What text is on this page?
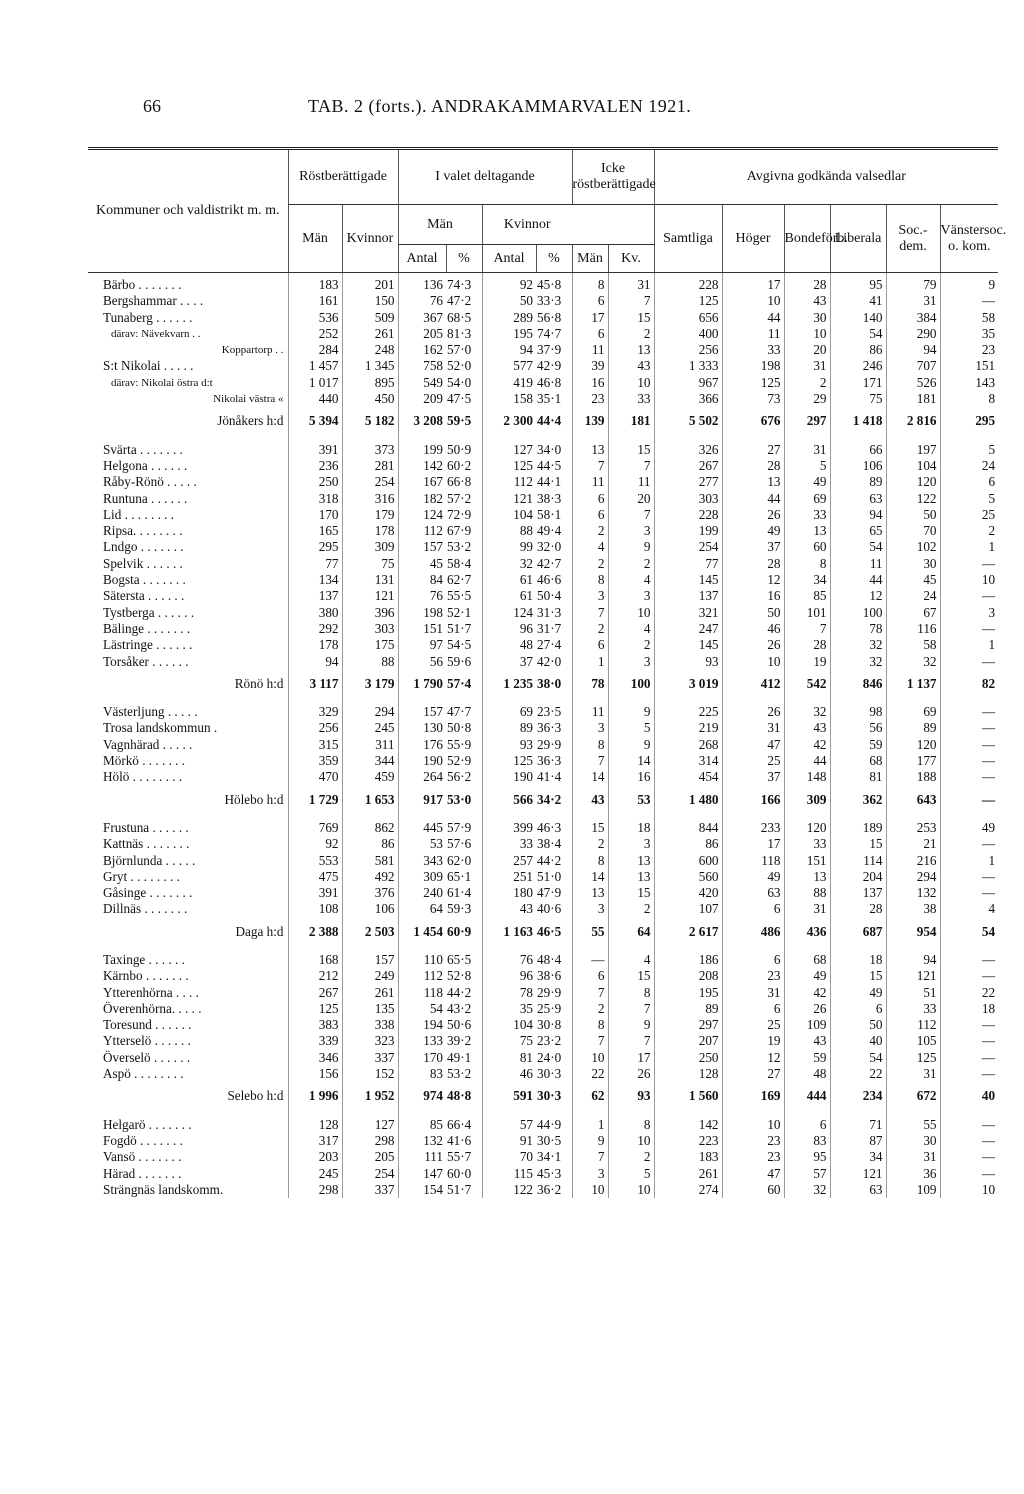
66	TAB. 2 (forts.). ANDRAKAMMARVALEN 1921.
Kommuner och valdistrikt m. m.	Röstberättigade		I valet deltagande				Icke röstberättigade		Avgivna godkända valsedlar					
	Män	Kvinnor	Män		Kvinnor				Samtliga	Höger	Bondeförb.	Liberala	Soc.-dem.	Vänstersoc. o. kom.
			Antal	%	Antal	%	Män	Kv.						
Bärbo . . . . . . .	183	201	136	74·3	92	45·8	8	31	228	17	28	95	79	9
Bergshammar . . . .	161	150	76	47·2	50	33·3	6	7	125	10	43	41	31	—
Tunaberg . . . . . .	536	509	367	68·5	289	56·8	17	15	656	44	30	140	384	58
därav: Nävekvarn . .	252	261	205	81·3	195	74·7	6	2	400	11	10	54	290	35
Koppartorp . .	284	248	162	57·0	94	37·9	11	13	256	33	20	86	94	23
S:t Nikolai . . . . .	1 457	1 345	758	52·0	577	42·9	39	43	1 333	198	31	246	707	151
därav: Nikolai östra d:t	1 017	895	549	54·0	419	46·8	16	10	967	125	2	171	526	143
Nikolai västra «	440	450	209	47·5	158	35·1	23	33	366	73	29	75	181	8
Jönåkers h:d	5 394	5 182	3 208	59·5	2 300	44·4	139	181	5 502	676	297	1 418	2 816	295
Svärta . . . . . . .	391	373	199	50·9	127	34·0	13	15	326	27	31	66	197	5
Helgona . . . . . .	236	281	142	60·2	125	44·5	7	7	267	28	5	106	104	24
Råby-Rönö . . . . .	250	254	167	66·8	112	44·1	11	11	277	13	49	89	120	6
Runtuna . . . . . .	318	316	182	57·2	121	38·3	6	20	303	44	69	63	122	5
Lid . . . . . . . .	170	179	124	72·9	104	58·1	6	7	228	26	33	94	50	25
Ripsa. . . . . . . .	165	178	112	67·9	88	49·4	2	3	199	49	13	65	70	2
Lndgo . . . . . . .	295	309	157	53·2	99	32·0	4	9	254	37	60	54	102	1
Spelvik . . . . . .	77	75	45	58·4	32	42·7	2	2	77	28	8	11	30	—
Bogsta . . . . . . .	134	131	84	62·7	61	46·6	8	4	145	12	34	44	45	10
Sätersta . . . . . .	137	121	76	55·5	61	50·4	3	3	137	16	85	12	24	—
Tystberga . . . . . .	380	396	198	52·1	124	31·3	7	10	321	50	101	100	67	3
Bälinge . . . . . . .	292	303	151	51·7	96	31·7	2	4	247	46	7	78	116	—
Lästringe . . . . . .	178	175	97	54·5	48	27·4	6	2	145	26	28	32	58	1
Torsåker . . . . . .	94	88	56	59·6	37	42·0	1	3	93	10	19	32	32	—
Rönö h:d	3 117	3 179	1 790	57·4	1 235	38·0	78	100	3 019	412	542	846	1 137	82
Västerljung . . . . .	329	294	157	47·7	69	23·5	11	9	225	26	32	98	69	—
Trosa landskommun .	256	245	130	50·8	89	36·3	3	5	219	31	43	56	89	—
Vagnhärad . . . . .	315	311	176	55·9	93	29·9	8	9	268	47	42	59	120	—
Mörkö . . . . . . .	359	344	190	52·9	125	36·3	7	14	314	25	44	68	177	—
Hölö . . . . . . . .	470	459	264	56·2	190	41·4	14	16	454	37	148	81	188	—
Hölebo h:d	1 729	1 653	917	53·0	566	34·2	43	53	1 480	166	309	362	643	—
Frustuna . . . . . .	769	862	445	57·9	399	46·3	15	18	844	233	120	189	253	49
Kattnäs . . . . . . .	92	86	53	57·6	33	38·4	2	3	86	17	33	15	21	—
Björnlunda . . . . .	553	581	343	62·0	257	44·2	8	13	600	118	151	114	216	1
Gryt . . . . . . . .	475	492	309	65·1	251	51·0	14	13	560	49	13	204	294	—
Gåsinge . . . . . . .	391	376	240	61·4	180	47·9	13	15	420	63	88	137	132	—
Dillnäs . . . . . . .	108	106	64	59·3	43	40·6	3	2	107	6	31	28	38	4
Daga h:d	2 388	2 503	1 454	60·9	1 163	46·5	55	64	2 617	486	436	687	954	54
Taxinge . . . . . .	168	157	110	65·5	76	48·4	—	4	186	6	68	18	94	—
Kärnbo . . . . . . .	212	249	112	52·8	96	38·6	6	15	208	23	49	15	121	—
Ytterenhörna . . . .	267	261	118	44·2	78	29·9	7	8	195	31	42	49	51	22
Överenhörna. . . . .	125	135	54	43·2	35	25·9	2	7	89	6	26	6	33	18
Toresund . . . . . .	383	338	194	50·6	104	30·8	8	9	297	25	109	50	112	—
Ytterselö . . . . . .	339	323	133	39·2	75	23·2	7	7	207	19	43	40	105	—
Överselö . . . . . .	346	337	170	49·1	81	24·0	10	17	250	12	59	54	125	—
Aspö . . . . . . . .	156	152	83	53·2	46	30·3	22	26	128	27	48	22	31	—
Selebo h:d	1 996	1 952	974	48·8	591	30·3	62	93	1 560	169	444	234	672	40
Helgarö . . . . . . .	128	127	85	66·4	57	44·9	1	8	142	10	6	71	55	—
Fogdö . . . . . . .	317	298	132	41·6	91	30·5	9	10	223	23	83	87	30	—
Vansö . . . . . . .	203	205	111	55·7	70	34·1	7	2	183	23	95	34	31	—
Härad . . . . . . .	245	254	147	60·0	115	45·3	3	5	261	47	57	121	36	—
Strängnäs landskomm.	298	337	154	51·7	122	36·2	10	10	274	60	32	63	109	10
